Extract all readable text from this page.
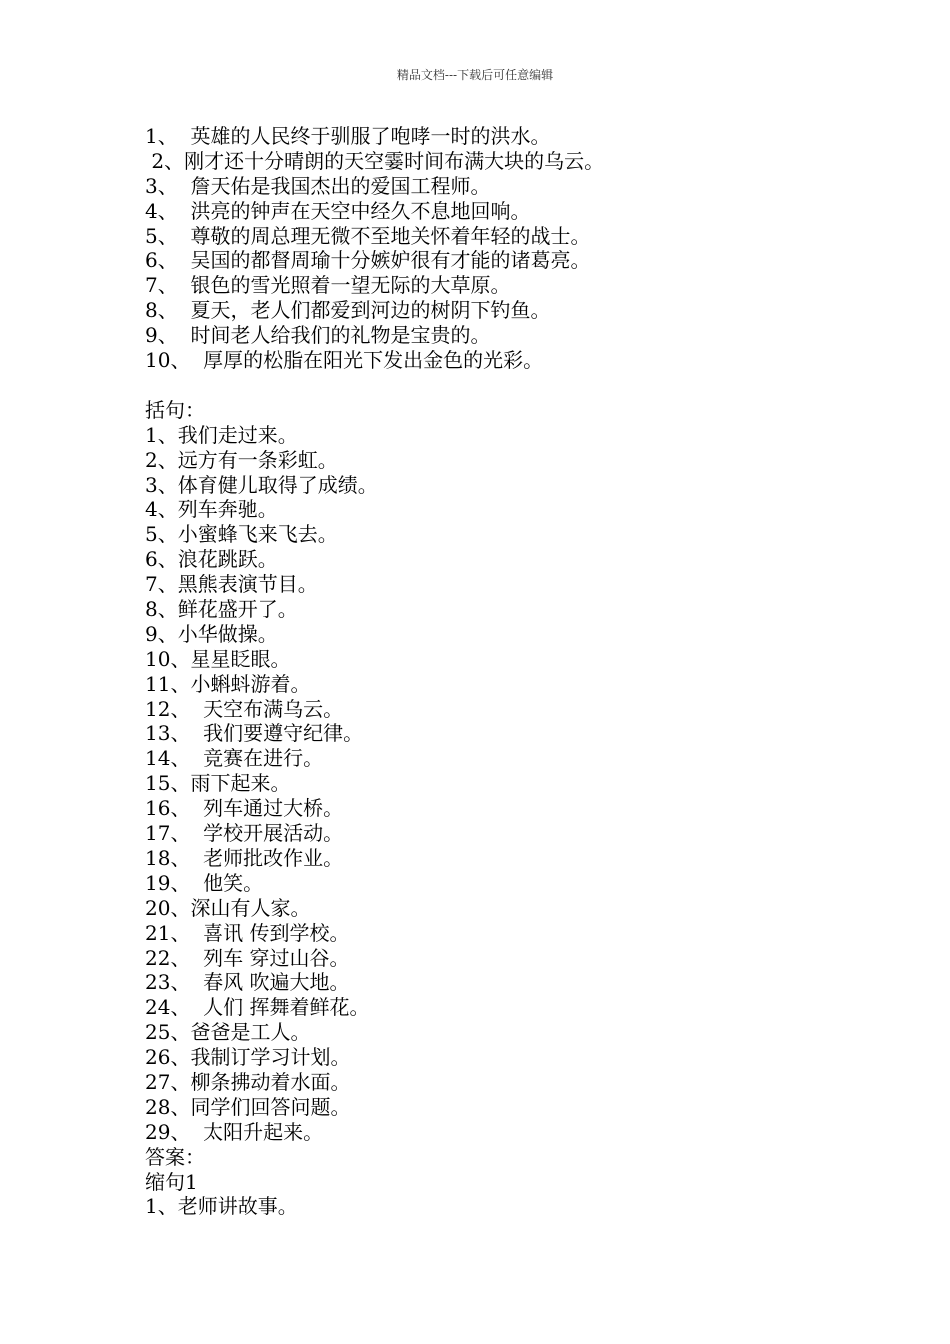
精品文档---下载后可任意编辑
1、  英雄的人民终于驯服了咆哮一时的洪水。
2、刚才还十分晴朗的天空霎时间布满大块的乌云。
3、  詹天佑是我国杰出的爱国工程师。
4、  洪亮的钟声在天空中经久不息地回响。
5、  尊敬的周总理无微不至地关怀着年轻的战士。
6、  吴国的都督周瑜十分嫉妒很有才能的诸葛亮。
7、  银色的雪光照着一望无际的大草原。
8、  夏天，老人们都爱到河边的树阴下钓鱼。
9、  时间老人给我们的礼物是宝贵的。
10、  厚厚的松脂在阳光下发出金色的光彩。
括句：
1、我们走过来。
2、远方有一条彩虹。
3、体育健儿取得了成绩。
4、列车奔驰。
5、小蜜蜂飞来飞去。
6、浪花跳跃。
7、黑熊表演节目。
8、鲜花盛开了。
9、小华做操。
10、星星眨眼。
11、小蝌蚪游着。
12、  天空布满乌云。
13、  我们要遵守纪律。
14、  竞赛在进行。
15、雨下起来。
16、  列车通过大桥。
17、  学校开展活动。
18、  老师批改作业。
19、  他笑。
20、深山有人家。
21、  喜讯 传到学校。
22、  列车 穿过山谷。
23、  春风 吹遍大地。
24、  人们 挥舞着鲜花。
25、爸爸是工人。
26、我制订学习计划。
27、柳条拂动着水面。
28、同学们回答问题。
29、  太阳升起来。
答案：
缩句1
1、老师讲故事。
